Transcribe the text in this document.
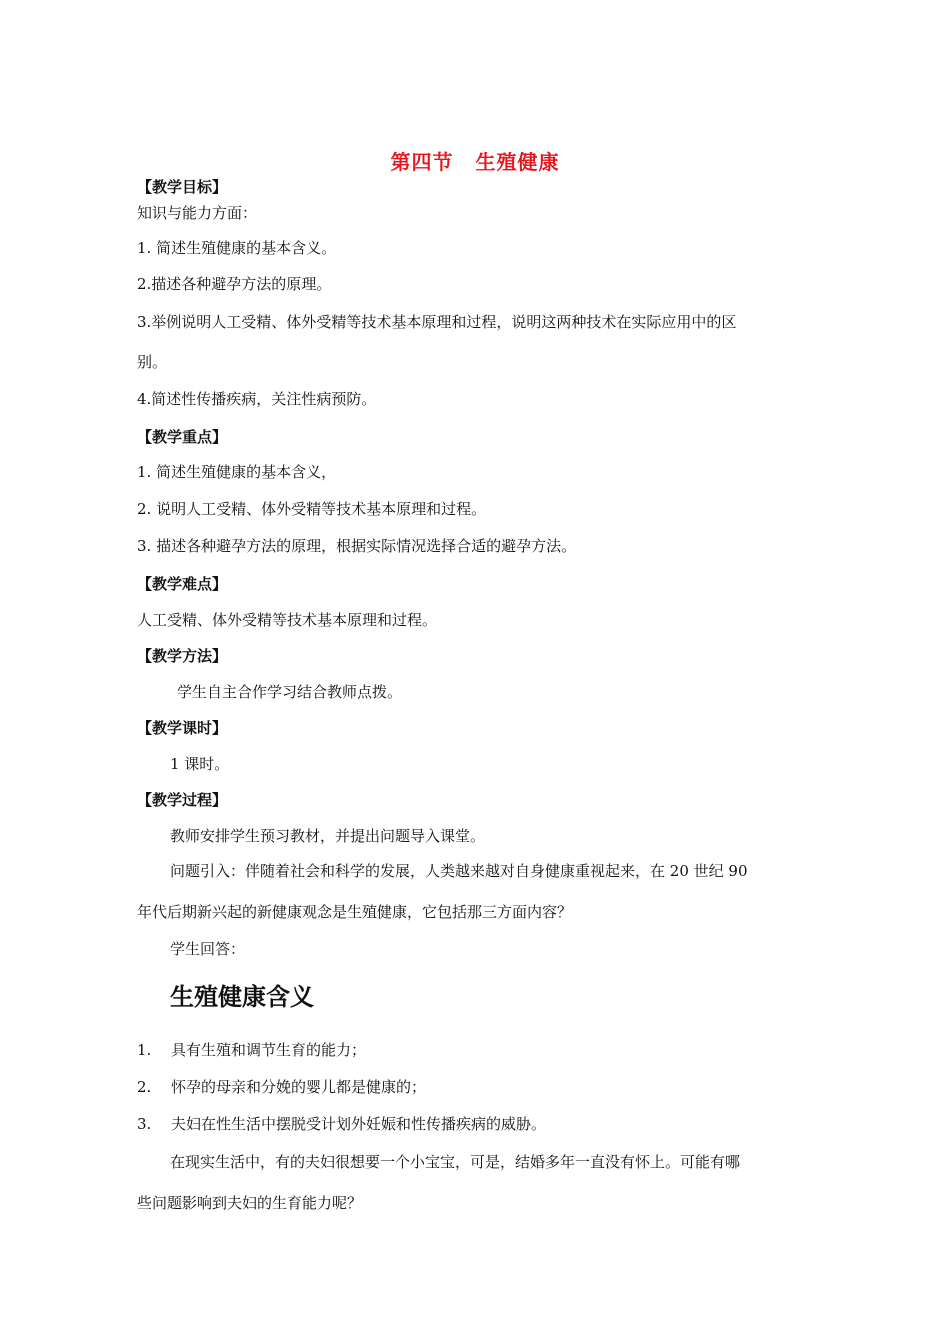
第四节 生殖健康
【教学目标】
知识与能力方面：
1. 简述生殖健康的基本含义。
2.描述各种避孕方法的原理。
3.举例说明人工受精、体外受精等技术基本原理和过程，说明这两种技术在实际应用中的区
别。
4.简述性传播疾病，关注性病预防。
【教学重点】
1. 简述生殖健康的基本含义，
2. 说明人工受精、体外受精等技术基本原理和过程。
3. 描述各种避孕方法的原理，根据实际情况选择合适的避孕方法。
【教学难点】
人工受精、体外受精等技术基本原理和过程。
【教学方法】
学生自主合作学习结合教师点拨。
【教学课时】
1 课时。
【教学过程】
教师安排学生预习教材，并提出问题导入课堂。
问题引入：伴随着社会和科学的发展，人类越来越对自身健康重视起来，在 20 世纪 90
年代后期新兴起的新健康观念是生殖健康，它包括那三方面内容？
学生回答：
生殖健康含义
1. 具有生殖和调节生育的能力；
2. 怀孕的母亲和分娩的婴儿都是健康的；
3. 夫妇在性生活中摆脱受计划外妊娠和性传播疾病的威胁。
在现实生活中，有的夫妇很想要一个小宝宝，可是，结婚多年一直没有怀上。可能有哪
些问题影响到夫妇的生育能力呢？
